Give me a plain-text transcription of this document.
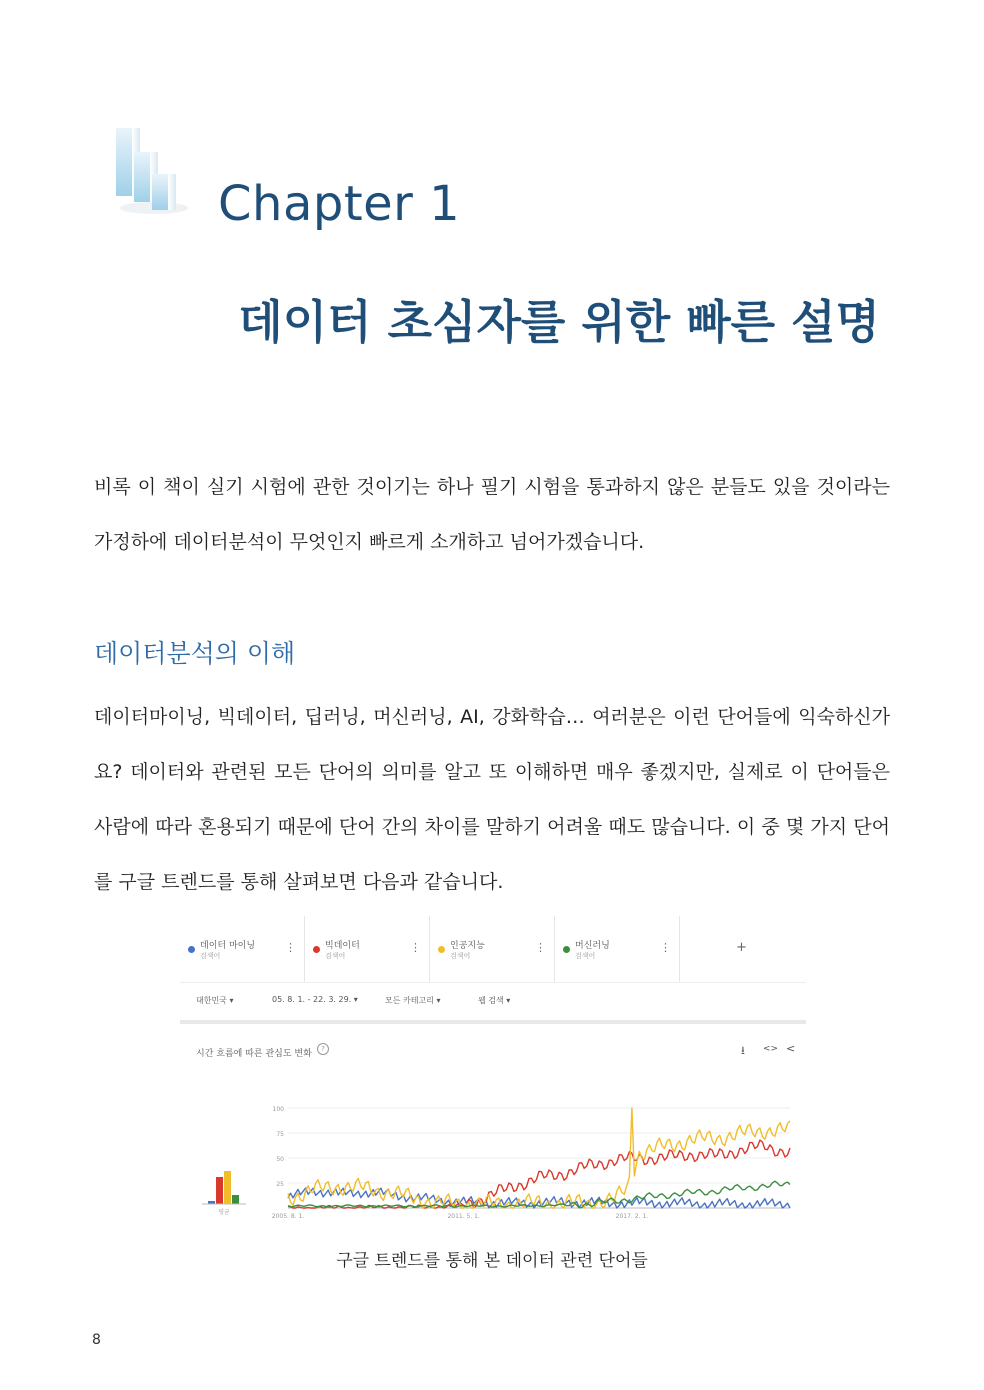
Chapter 1
데이터 초심자를 위한 빠른 설명
비록 이 책이 실기 시험에 관한 것이기는 하나 필기 시험을 통과하지 않은 분들도 있을 것이라는 가정하에 데이터분석이 무엇인지 빠르게 소개하고 넘어가겠습니다.
데이터분석의 이해
데이터마이닝, 빅데이터, 딥러닝, 머신러닝, AI, 강화학습… 여러분은 이런 단어들에 익숙하신가요? 데이터와 관련된 모든 단어의 의미를 알고 또 이해하면 매우 좋겠지만, 실제로 이 단어들은 사람에 따라 혼용되기 때문에 단어 간의 차이를 말하기 어려울 때도 많습니다. 이 중 몇 가지 단어를 구글 트렌드를 통해 살펴보면 다음과 같습니다.
데이터 마이닝
검색어
⋮	빅데이터
검색어
⋮	인공지능
검색어
⋮	머신러닝
검색어
⋮	+
대한민국 ▾	05. 8. 1. - 22. 3. 29. ▾	모든 카테고리 ▾	웹 검색 ▾
시간 흐름에 따른 관심도 변화	?	⭳ <> <
100
75
50
25
2005. 8. 1.	2011. 5. 1.	2017. 2. 1.
평균
구글 트렌드를 통해 본 데이터 관련 단어들
8
